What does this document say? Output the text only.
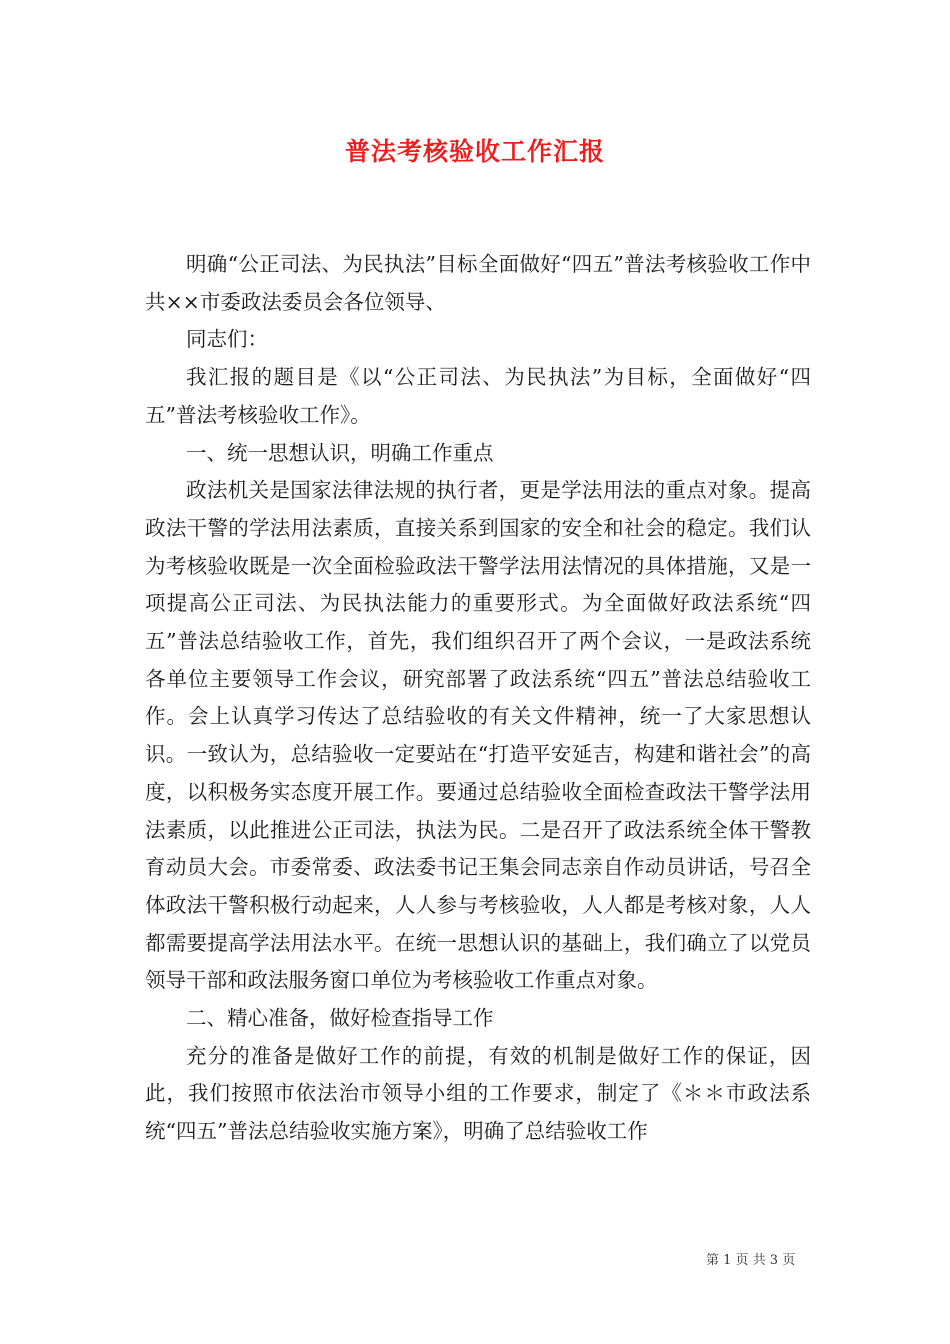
普法考核验收工作汇报

明确“公正司法、为民执法”目标全面做好“四五”普法考核验收工作中共××市委政法委员会各位领导、

同志们：

我汇报的题目是《以“公正司法、为民执法”为目标，全面做好“四五”普法考核验收工作》。

一、统一思想认识，明确工作重点

政法机关是国家法律法规的执行者，更是学法用法的重点对象。提高政法干警的学法用法素质，直接关系到国家的安全和社会的稳定。我们认为考核验收既是一次全面检验政法干警学法用法情况的具体措施，又是一项提高公正司法、为民执法能力的重要形式。为全面做好政法系统“四五”普法总结验收工作，首先，我们组织召开了两个会议，一是政法系统各单位主要领导工作会议，研究部署了政法系统“四五”普法总结验收工作。会上认真学习传达了总结验收的有关文件精神，统一了大家思想认识。一致认为，总结验收一定要站在“打造平安延吉，构建和谐社会”的高度，以积极务实态度开展工作。要通过总结验收全面检查政法干警学法用法素质，以此推进公正司法，执法为民。二是召开了政法系统全体干警教育动员大会。市委常委、政法委书记王集会同志亲自作动员讲话，号召全体政法干警积极行动起来，人人参与考核验收，人人都是考核对象，人人都需要提高学法用法水平。在统一思想认识的基础上，我们确立了以党员领导干部和政法服务窗口单位为考核验收工作重点对象。

二、精心准备，做好检查指导工作

充分的准备是做好工作的前提，有效的机制是做好工作的保证，因此，我们按照市依法治市领导小组的工作要求，制定了《＊＊市政法系统“四五”普法总结验收实施方案》，明确了总结验收工作

第 1 页 共 3 页
